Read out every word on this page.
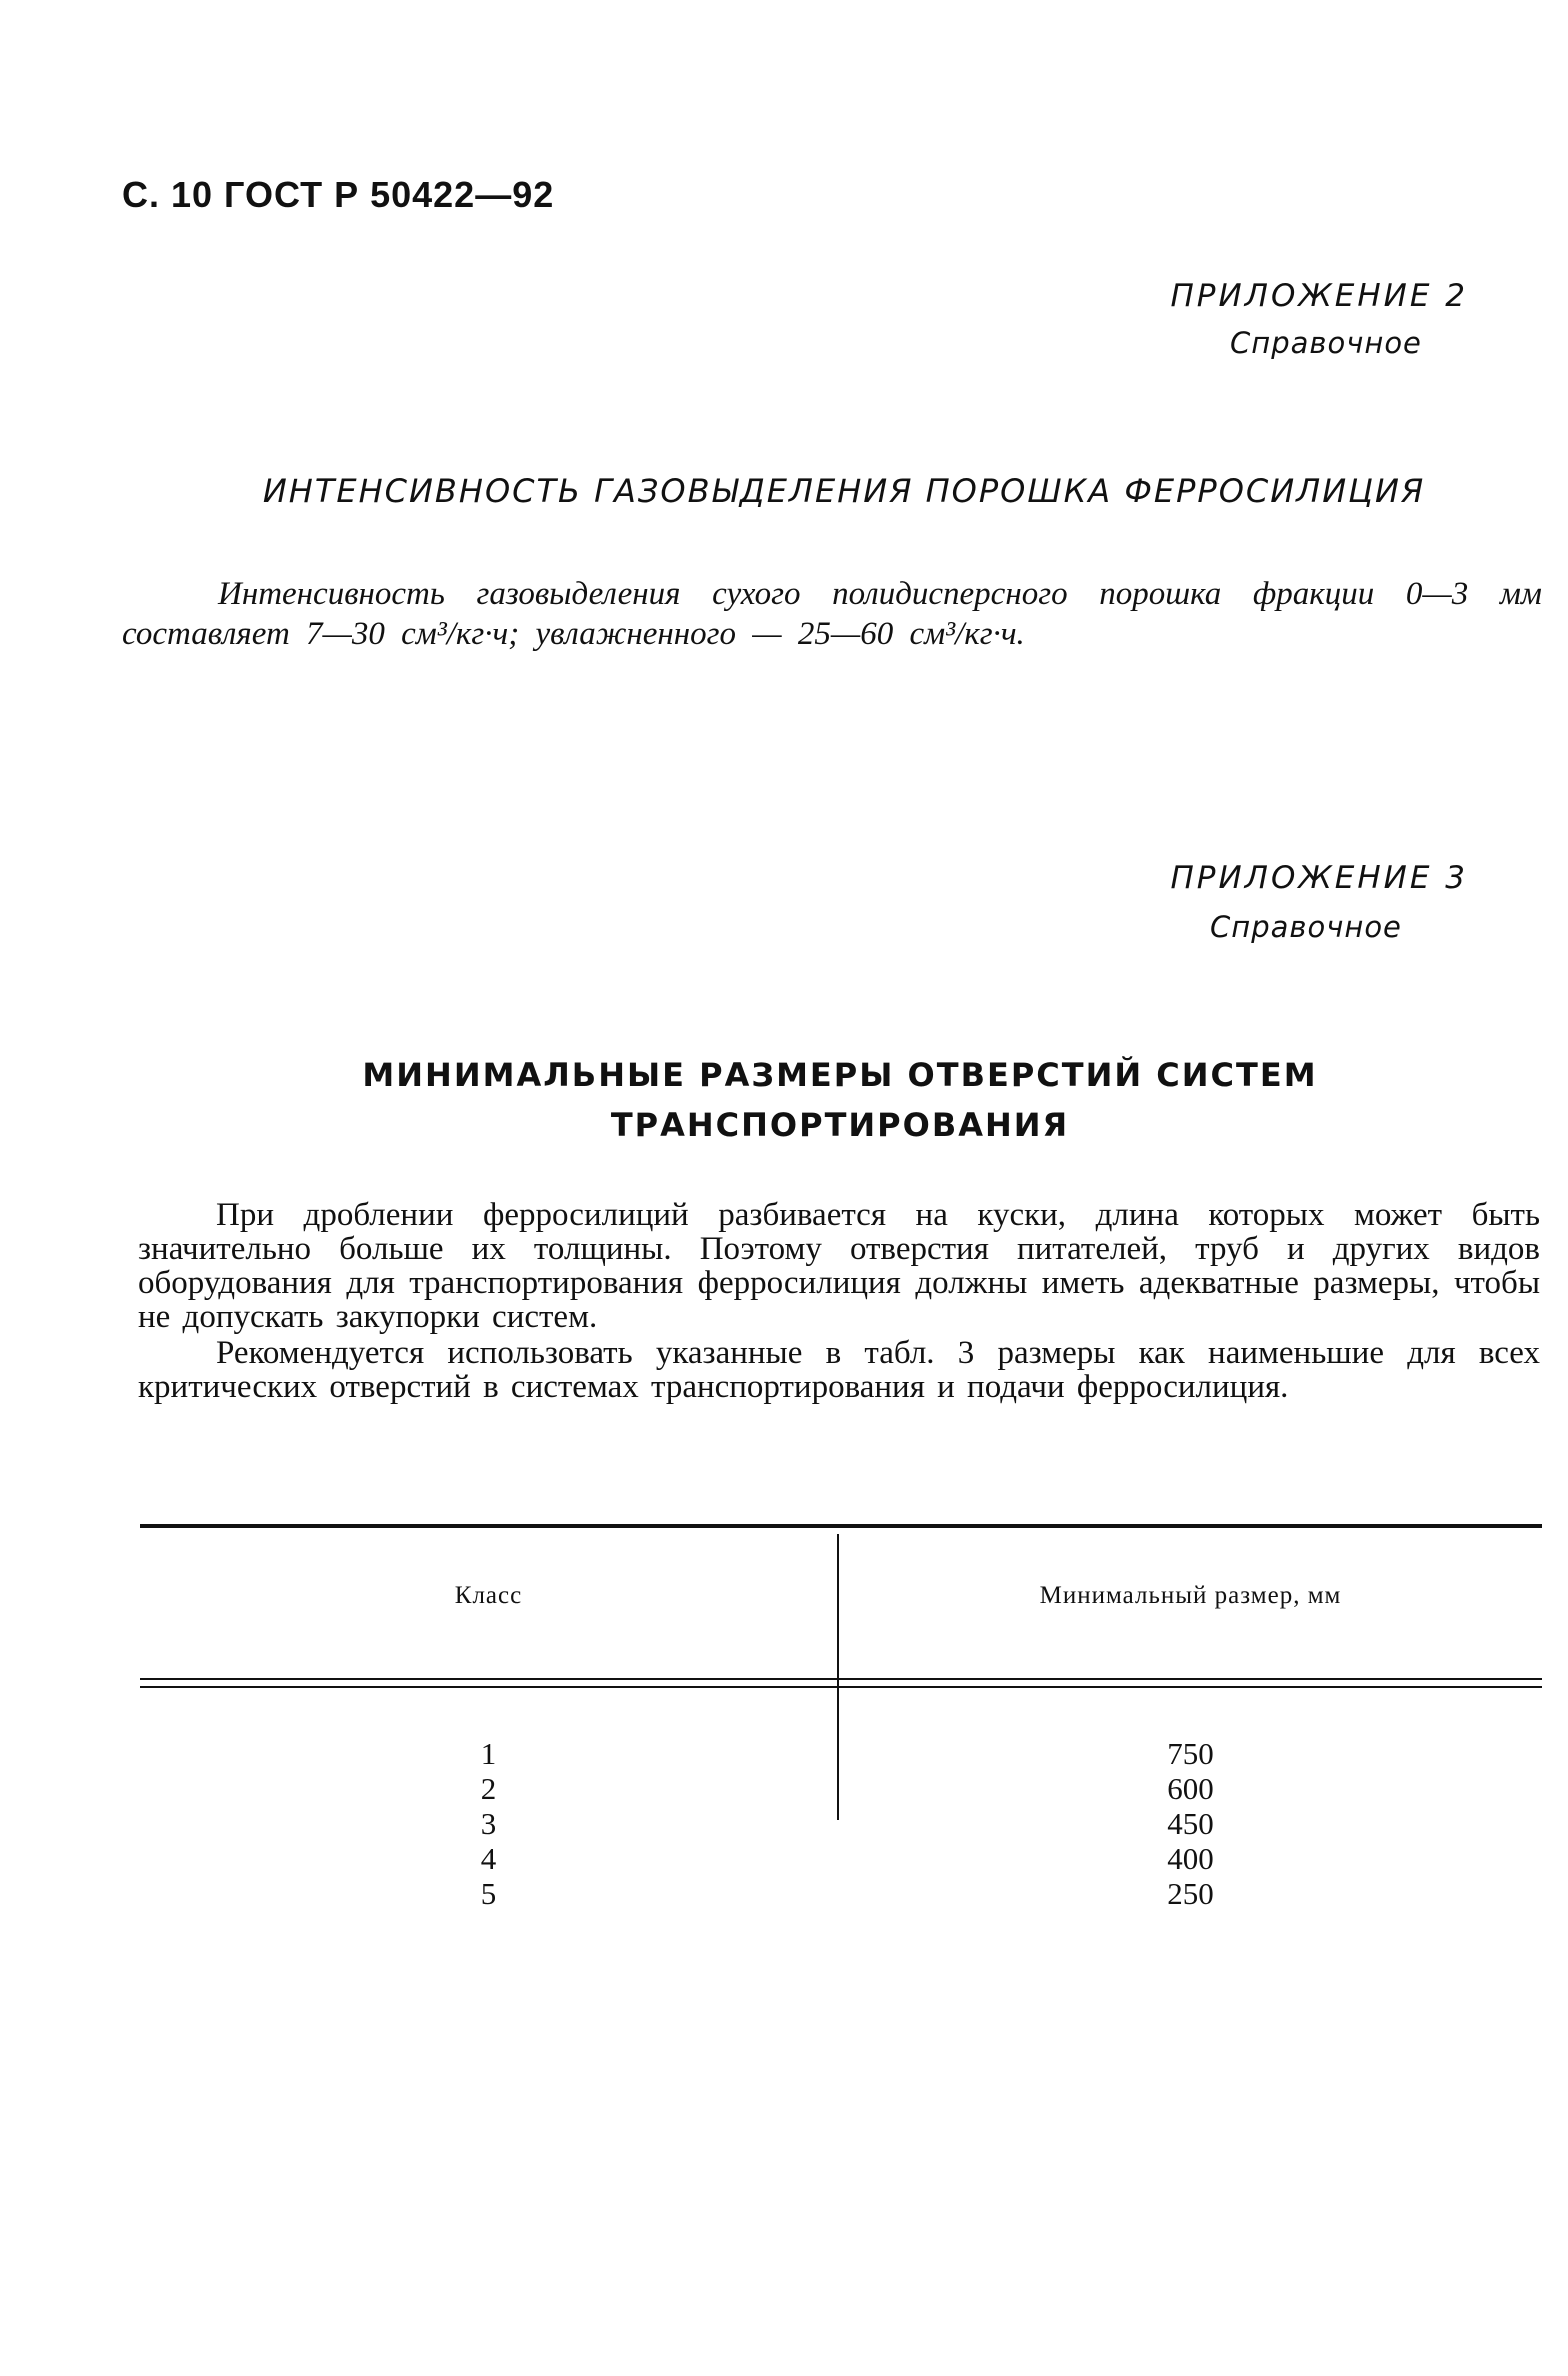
С. 10 ГОСТ Р 50422—92
ПРИЛОЖЕНИЕ 2
Справочное
ИНТЕНСИВНОСТЬ ГАЗОВЫДЕЛЕНИЯ ПОРОШКА ФЕРРОСИЛИЦИЯ
Интенсивность газовыделения сухого полидисперсного порошка фракции 0—3 мм составляет 7—30 см³/кг·ч; увлажненного — 25—60 см³/кг·ч.
ПРИЛОЖЕНИЕ 3
Справочное
МИНИМАЛЬНЫЕ РАЗМЕРЫ ОТВЕРСТИЙ СИСТЕМ
ТРАНСПОРТИРОВАНИЯ

При дроблении ферросилиций разбивается на куски, длина которых может быть значительно больше их толщины. Поэтому отверстия питателей, труб и других видов оборудования для транспортирования ферросилиция должны иметь адекватные размеры, чтобы не допускать закупорки систем.

Рекомендуется использовать указанные в табл. 3 размеры как наименьшие для всех критических отверстий в системах транспортирования и подачи ферросилиция.

Класс	Минимальный размер, мм
1
2
3
4
5
750
600
450
400
250
